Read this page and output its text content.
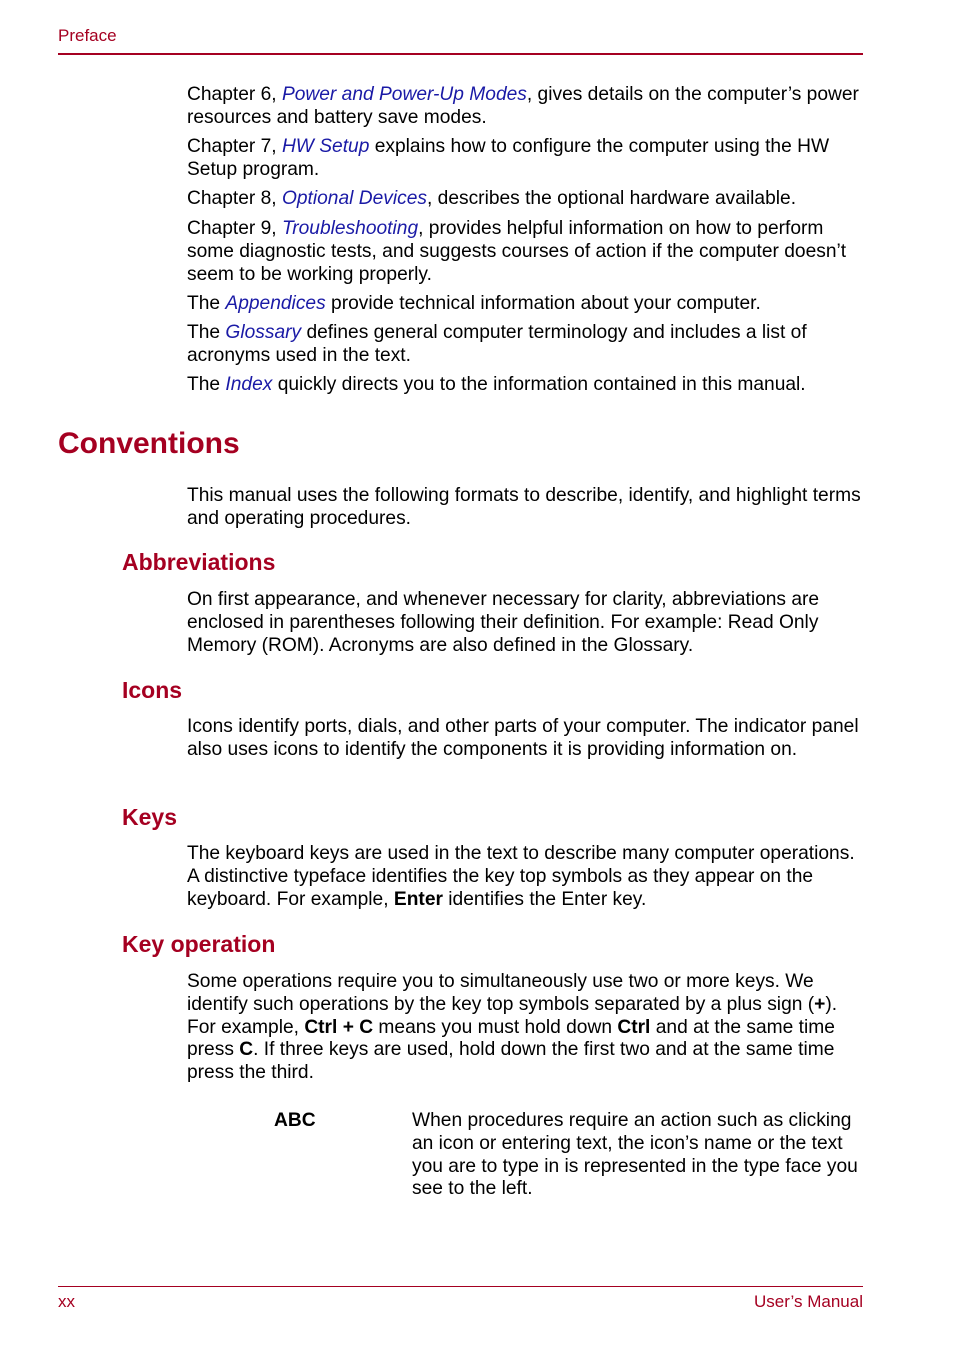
Preface

Chapter 6, Power and Power-Up Modes, gives details on the computer’s power resources and battery save modes.

Chapter 7, HW Setup explains how to configure the computer using the HW Setup program.

Chapter 8, Optional Devices, describes the optional hardware available.

Chapter 9, Troubleshooting, provides helpful information on how to perform some diagnostic tests, and suggests courses of action if the computer doesn’t seem to be working properly.

The Appendices provide technical information about your computer.

The Glossary defines general computer terminology and includes a list of acronyms used in the text.

The Index quickly directs you to the information contained in this manual.

Conventions

This manual uses the following formats to describe, identify, and highlight terms and operating procedures.

Abbreviations

On first appearance, and whenever necessary for clarity, abbreviations are enclosed in parentheses following their definition. For example: Read Only Memory (ROM). Acronyms are also defined in the Glossary.

Icons

Icons identify ports, dials, and other parts of your computer. The indicator panel also uses icons to identify the components it is providing information on.

Keys

The keyboard keys are used in the text to describe many computer operations. A distinctive typeface identifies the key top symbols as they appear on the keyboard. For example, Enter identifies the Enter key.

Key operation

Some operations require you to simultaneously use two or more keys. We identify such operations by the key top symbols separated by a plus sign (+). For example, Ctrl + C means you must hold down Ctrl and at the same time press C. If three keys are used, hold down the first two and at the same time press the third.

ABC	When procedures require an action such as clicking an icon or entering text, the icon’s name or the text you are to type in is represented in the type face you see to the left.

xx	User’s Manual
